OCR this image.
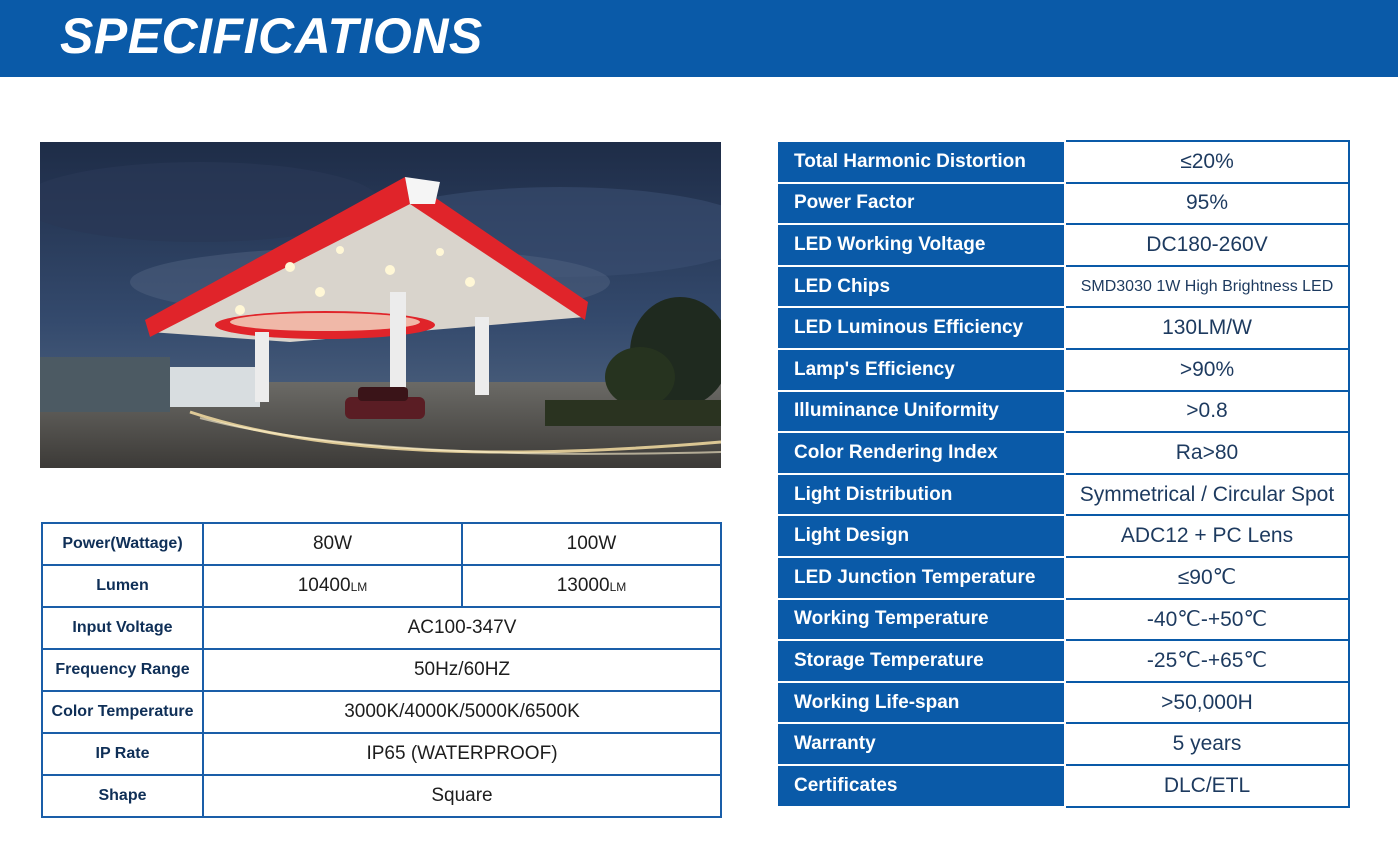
SPECIFICATIONS
Power(Wattage)	80W	100W
Lumen	10400LM	13000LM
Input Voltage	AC100-347V	
Frequency Range	50Hz/60HZ	
Color Temperature	3000K/4000K/5000K/6500K	
IP Rate	IP65 (WATERPROOF)	
Shape	Square	
Total Harmonic Distortion	≤20%
Power Factor	95%
LED Working Voltage	DC180-260V
LED Chips	SMD3030 1W High Brightness LED
LED Luminous Efficiency	130LM/W
Lamp's Efficiency	>90%
Illuminance Uniformity	>0.8
Color Rendering Index	Ra>80
Light Distribution	Symmetrical / Circular Spot
Light Design	ADC12 + PC Lens
LED Junction Temperature	≤90℃
Working Temperature	-40℃-+50℃
Storage Temperature	-25℃-+65℃
Working Life-span	>50,000H
Warranty	5 years
Certificates	DLC/ETL
